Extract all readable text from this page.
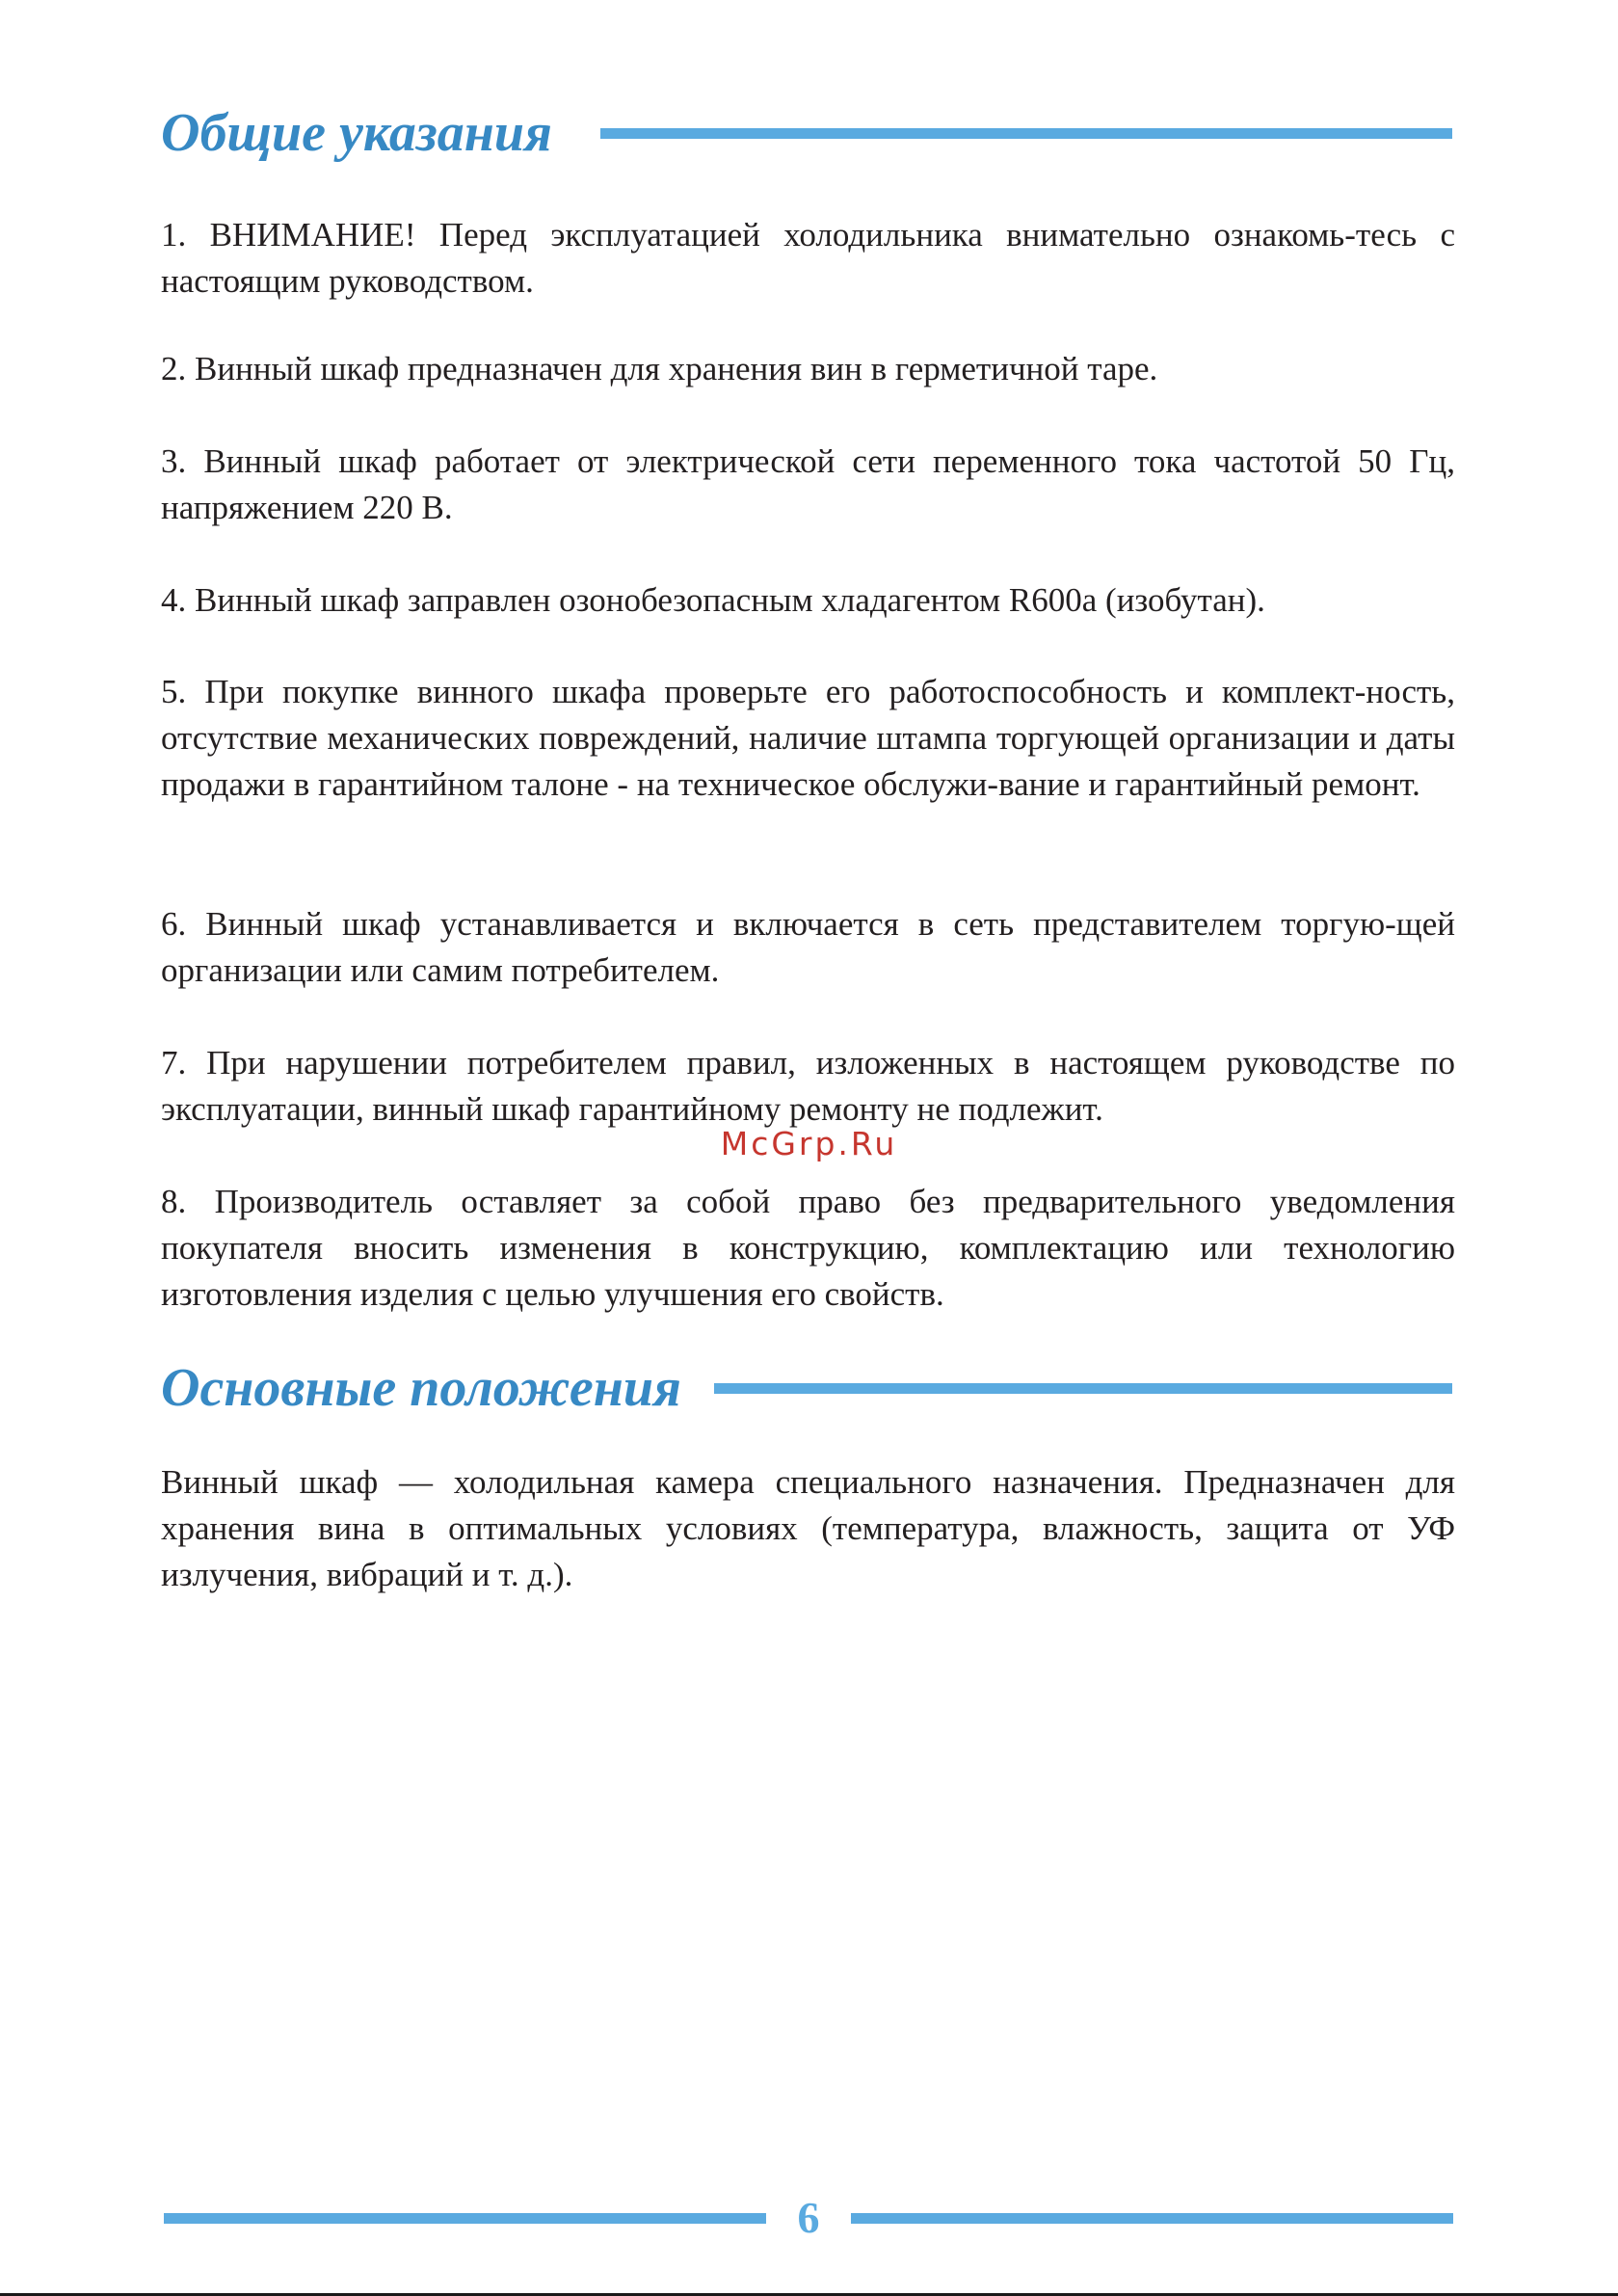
Общие указания

1. ВНИМАНИЕ! Перед эксплуатацией холодильника внимательно ознакомь-тесь с настоящим руководством.

2. Винный шкаф предназначен для хранения вин в герметичной таре.

3. Винный шкаф работает от электрической сети переменного тока частотой 50 Гц, напряжением 220 В.

4. Винный шкаф заправлен озонобезопасным хладагентом R600a (изобутан).

5. При покупке винного шкафа проверьте его работоспособность и комплект-ность, отсутствие механических повреждений, наличие штампа торгующей организации и даты продажи в гарантийном талоне - на техническое обслужи-вание и гарантийный ремонт.

6. Винный шкаф устанавливается и включается в сеть представителем торгую-щей организации или самим потребителем.

7. При нарушении потребителем правил, изложенных в настоящем руководстве по эксплуатации, винный шкаф гарантийному ремонту не подлежит.

McGrp.Ru

8. Производитель оставляет за собой право без предварительного уведомления покупателя вносить изменения в конструкцию, комплектацию или технологию изготовления изделия с целью улучшения его свойств.

Основные положения

Винный шкаф — холодильная камера специального назначения. Предназначен для хранения вина в оптимальных условиях (температура, влажность, защита от УФ излучения, вибраций и т. д.).

6
